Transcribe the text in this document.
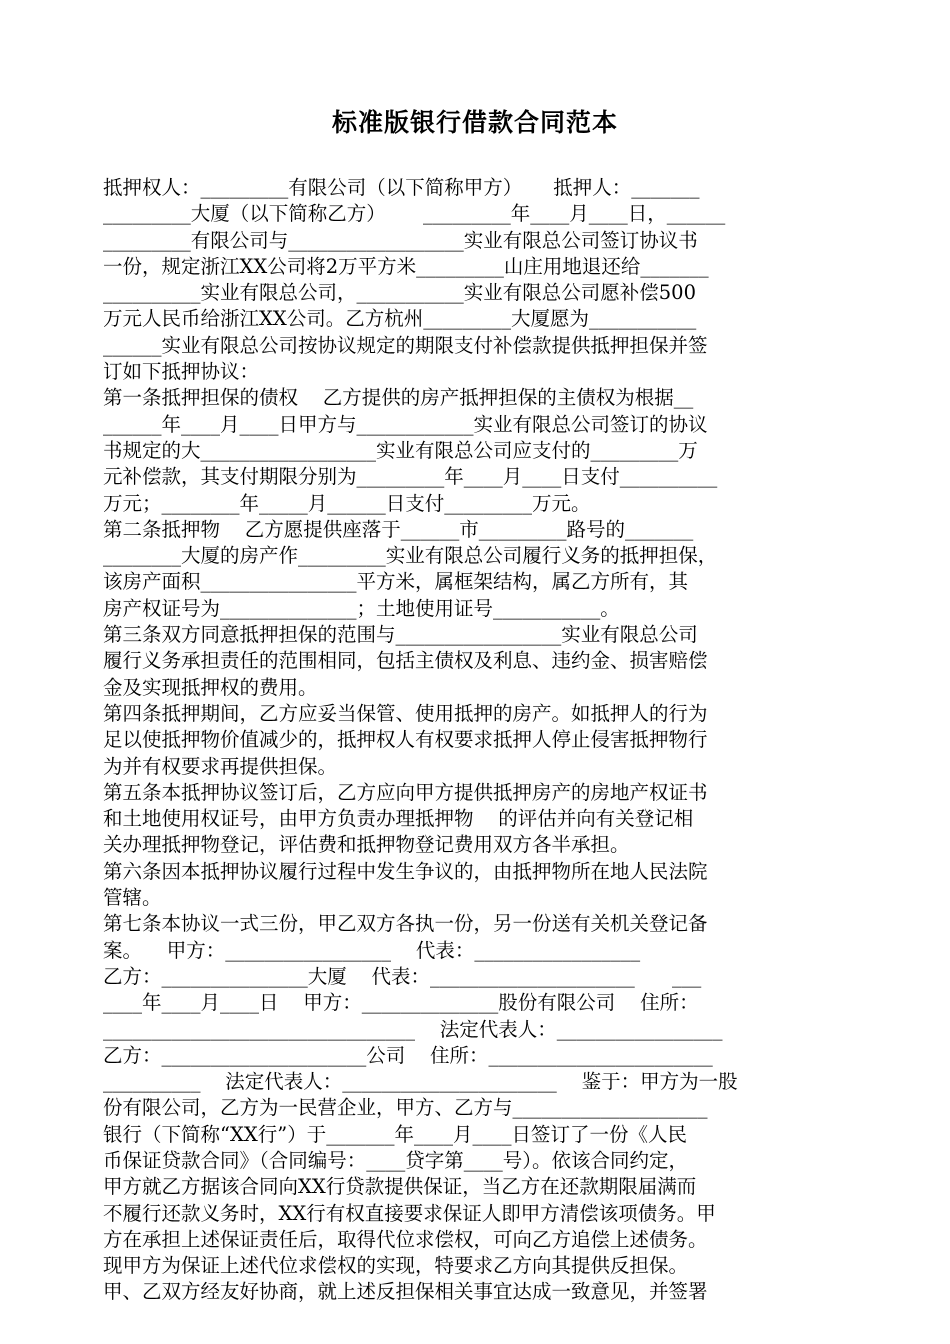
标准版银行借款合同范本
抵押权人：_________有限公司（以下简称甲方）     抵押人：_______
_________大厦（以下简称乙方）      _________年____月____日，______
_________有限公司与__________________实业有限总公司签订协议书
一份，规定浙江XX公司将2万平方米_________山庄用地退还给_______
__________实业有限总公司，___________实业有限总公司愿补偿500
万元人民币给浙江XX公司。乙方杭州_________大厦愿为___________
______实业有限总公司按协议规定的期限支付补偿款提供抵押担保并签
订如下抵押协议：
第一条抵押担保的债权    乙方提供的房产抵押担保的主债权为根据__
______年____月____日甲方与____________实业有限总公司签订的协议
书规定的大__________________实业有限总公司应支付的_________万
元补偿款，其支付期限分别为_________年____月____日支付__________
万元；________年_____月______日支付_________万元。
第二条抵押物    乙方愿提供座落于______市_________路号的_______
________大厦的房产作_________实业有限总公司履行义务的抵押担保，
该房产面积________________平方米，属框架结构，属乙方所有，其
房产权证号为______________；土地使用证号___________。
第三条双方同意抵押担保的范围与_________________实业有限总公司
履行义务承担责任的范围相同，包括主债权及利息、违约金、损害赔偿
金及实现抵押权的费用。
第四条抵押期间，乙方应妥当保管、使用抵押的房产。如抵押人的行为
足以使抵押物价值减少的，抵押权人有权要求抵押人停止侵害抵押物行
为并有权要求再提供担保。
第五条本抵押协议签订后，乙方应向甲方提供抵押房产的房地产权证书
和土地使用权证号，由甲方负责办理抵押物    的评估并向有关登记相
关办理抵押物登记，评估费和抵押物登记费用双方各半承担。
第六条因本抵押协议履行过程中发生争议的，由抵押物所在地人民法院
管辖。
第七条本协议一式三份，甲乙双方各执一份，另一份送有关机关登记备
案。    甲方：_________________    代表：_________________
乙方：_______________大厦    代表：_____________________      ___
____年____月____日    甲方：______________股份有限公司    住所：
________________________________    法定代表人：_________________
乙方：_____________________公司    住所：_______________________
__________    法定代表人：______________________    鉴于：甲方为一股
份有限公司，乙方为一民营企业，甲方、乙方与____________________
银行（下简称“XX行”）于_______年____月____日签订了一份《人民
币保证贷款合同》（合同编号：____贷字第____号）。依该合同约定，
甲方就乙方据该合同向XX行贷款提供保证，当乙方在还款期限届满而
不履行还款义务时，XX行有权直接要求保证人即甲方清偿该项债务。甲
方在承担上述保证责任后，取得代位求偿权，可向乙方追偿上述债务。
现甲方为保证上述代位求偿权的实现，特要求乙方向其提供反担保。
甲、乙双方经友好协商，就上述反担保相关事宜达成一致意见，并签署
